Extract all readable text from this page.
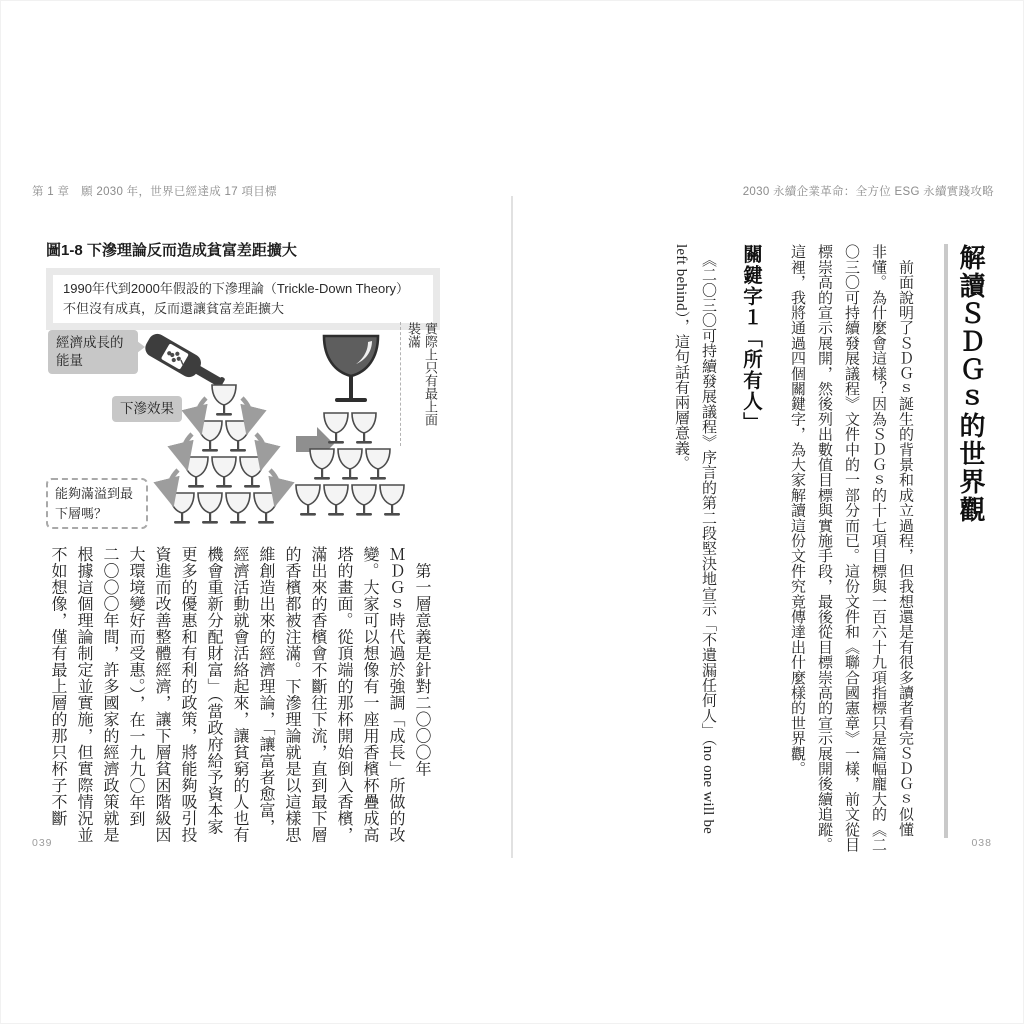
第 1 章　願 2030 年，世界已經達成 17 項目標	2030 永續企業革命：全方位 ESG 永續實踐攻略
圖1-8 下滲理論反而造成貧富差距擴大
1990年代到2000年假設的下滲理論（Trickle-Down Theory）
不但沒有成真，反而還讓貧富差距擴大
經濟成長的
能量
下滲效果
能夠滿溢到最
下層嗎？
實際上只有最上面
裝滿
　第一層意義是針對二〇〇〇年
ＭＤＧｓ時代過於強調「成長」所做的改
變。大家可以想像有一座用香檳杯疊成高
塔的畫面。從頂端的那杯開始倒入香檳，
滿出來的香檳會不斷往下流，直到最下層
的香檳都被注滿。下滲理論就是以這樣思
維創造出來的經濟理論，「讓富者愈富，
經濟活動就會活絡起來，讓貧窮的人也有
機會重新分配財富」（當政府給予資本家
更多的優惠和有利的政策，將能夠吸引投
資進而改善整體經濟，讓下層貧困階級因
大環境變好而受惠。），在一九九〇年到
二〇〇〇年間，許多國家的經濟政策就是
根據這個理論制定並實施，但實際情況並
不如想像，僅有最上層的那只杯子不斷
039
解讀ＳＤＧｓ的世界觀
　前面說明了ＳＤＧｓ誕生的背景和成立過程，但我想還是有很多讀者看完ＳＤＧｓ似懂
非懂。為什麼會這樣？因為ＳＤＧｓ的十七項目標與一百六十九項指標只是篇幅龐大的《二
〇三〇可持續發展議程》文件中的一部分而已。這份文件和《聯合國憲章》一樣，前文從目
標崇高的宣示展開，然後列出數值目標與實施手段，最後從目標崇高的宣示展開後續追蹤。
這裡，我將通過四個關鍵字，為大家解讀這份文件究竟傳達出什麼樣的世界觀。
關鍵字１「所有人」
　《二〇三〇可持續發展議程》序言的第二段堅決地宣示「不遺漏任何人」（no one will be
left behind），這句話有兩層意義。
038
